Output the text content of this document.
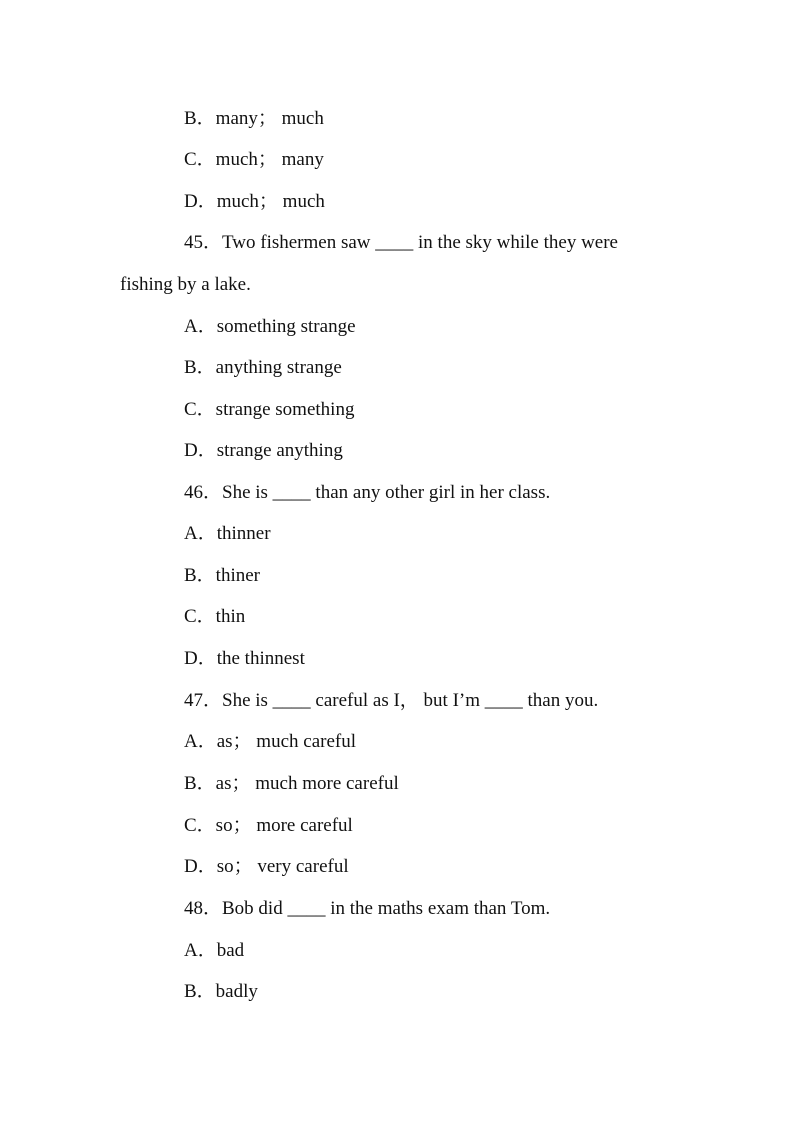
B．many； much
C．much； many
D．much； much
45．Two fishermen saw ____ in the sky while they were
fishing by a lake.
A．something strange
B．anything strange
C．strange something
D．strange anything
46．She is ____ than any other girl in her class.
A．thinner
B．thiner
C．thin
D．the thinnest
47．She is ____ careful as I， but I’m ____ than you.
A．as； much careful
B．as； much more careful
C．so； more careful
D．so； very careful
48．Bob did ____ in the maths exam than Tom.
A．bad
B．badly
